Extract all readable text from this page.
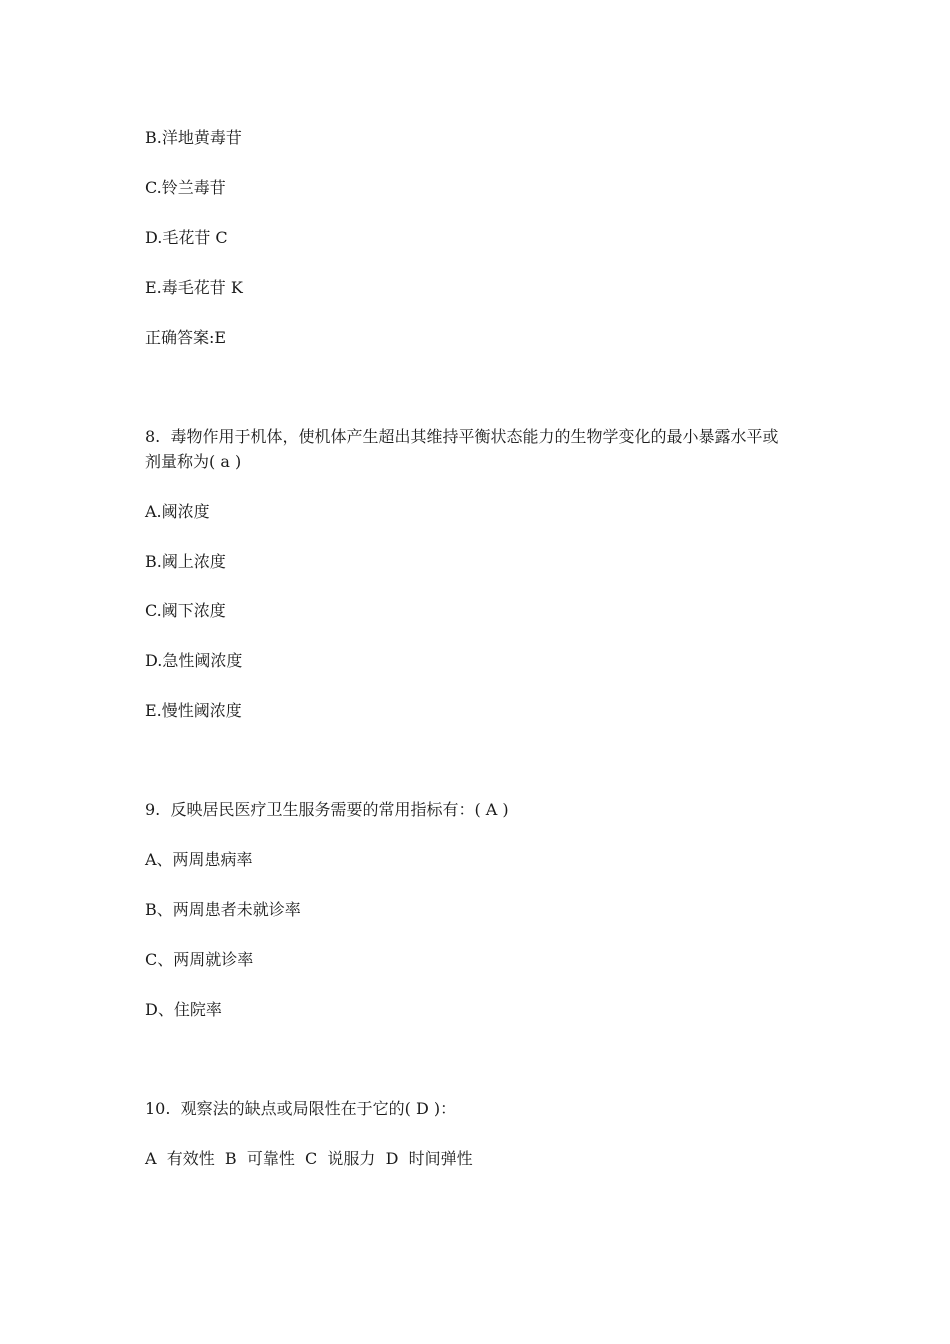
B.洋地黄毒苷
C.铃兰毒苷
D.毛花苷 C
E.毒毛花苷 K
正确答案:E
8.  毒物作用于机体，使机体产生超出其维持平衡状态能力的生物学变化的最小暴露水平或
剂量称为( a )
A.阈浓度
B.阈上浓度
C.阈下浓度
D.急性阈浓度
E.慢性阈浓度
9.  反映居民医疗卫生服务需要的常用指标有：( A )
A、两周患病率
B、两周患者未就诊率
C、两周就诊率
D、住院率
10.  观察法的缺点或局限性在于它的( D )：
A  有效性  B  可靠性  C  说服力  D  时间弹性
